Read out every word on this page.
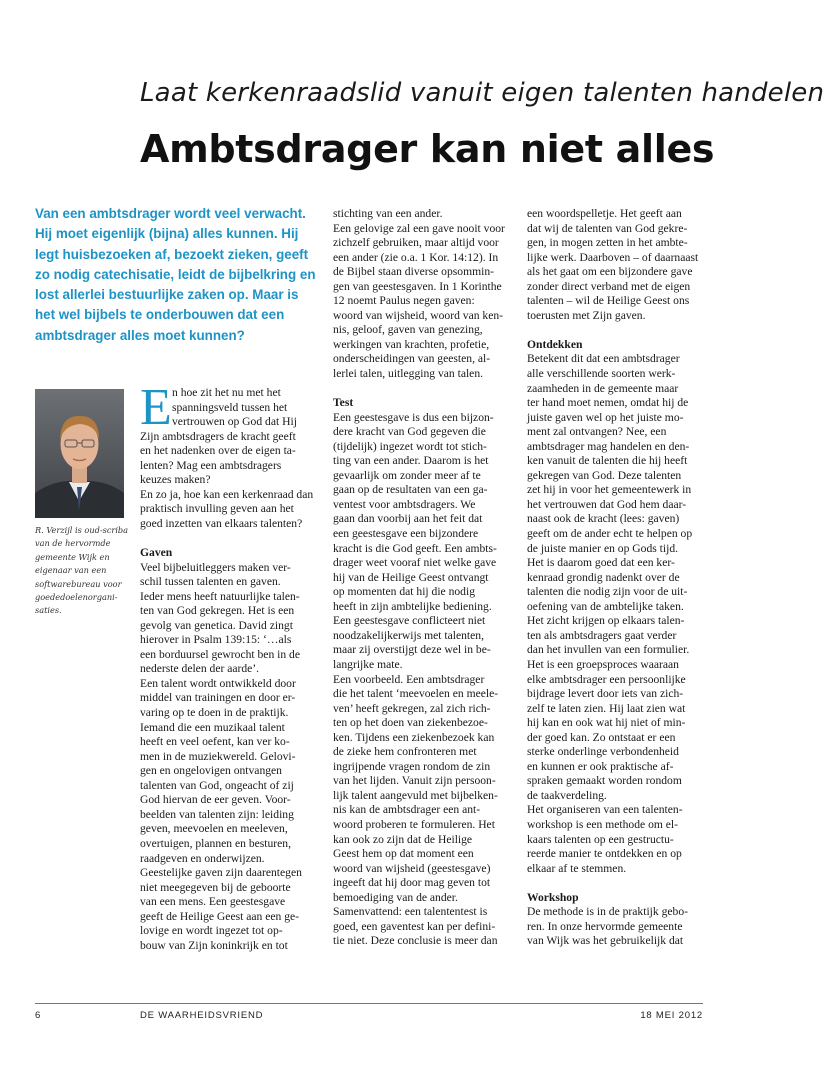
Laat kerkenraadslid vanuit eigen talenten handelen
Ambtsdrager kan niet alles
Van een ambtsdrager wordt veel verwacht.
Hij moet eigenlijk (bijna) alles kunnen. Hij
legt huisbezoeken af, bezoekt zieken, geeft
zo nodig catechisatie, leidt de bijbelkring en
lost allerlei bestuurlijke zaken op. Maar is
het wel bijbels te onderbouwen dat een
ambtsdrager alles moet kunnen?
R. Verzijl is oud-scriba
van de hervormde
gemeente Wijk en
eigenaar van een
softwarebureau voor
goededoelenorgani-
saties.
E n hoe zit het nu met het
spanningsveld tussen het
vertrouwen op God dat Hij
Zijn ambtsdragers de kracht geeft
en het nadenken over de eigen ta-
lenten? Mag een ambtsdragers
keuzes maken?
En zo ja, hoe kan een kerkenraad dan
praktisch invulling geven aan het
goed inzetten van elkaars talenten?
Gaven
Veel bijbeluitleggers maken ver-
schil tussen talenten en gaven.
Ieder mens heeft natuurlijke talen-
ten van God gekregen. Het is een
gevolg van genetica. David zingt
hierover in Psalm 139:15: ‘…als
een borduursel gewrocht ben in de
nederste delen der aarde’.
Een talent wordt ontwikkeld door
middel van trainingen en door er-
varing op te doen in de praktijk.
Iemand die een muzikaal talent
heeft en veel oefent, kan ver ko-
men in de muziekwereld. Gelovi-
gen en ongelovigen ontvangen
talenten van God, ongeacht of zij
God hiervan de eer geven. Voor-
beelden van talenten zijn: leiding
geven, meevoelen en meeleven,
overtuigen, plannen en besturen,
raadgeven en onderwijzen.
Geestelijke gaven zijn daarentegen
niet meegegeven bij de geboorte
van een mens. Een geestesgave
geeft de Heilige Geest aan een ge-
lovige en wordt ingezet tot op-
bouw van Zijn koninkrijk en tot
stichting van een ander.
Een gelovige zal een gave nooit voor
zichzelf gebruiken, maar altijd voor
een ander (zie o.a. 1 Kor. 14:12). In
de Bijbel staan diverse opsommin-
gen van geestesgaven. In 1 Korinthe
12 noemt Paulus negen gaven:
woord van wijsheid, woord van ken-
nis, geloof, gaven van genezing,
werkingen van krachten, profetie,
onderscheidingen van geesten, al-
lerlei talen, uitlegging van talen.
Test
Een geestesgave is dus een bijzon-
dere kracht van God gegeven die
(tijdelijk) ingezet wordt tot stich-
ting van een ander. Daarom is het
gevaarlijk om zonder meer af te
gaan op de resultaten van een ga-
ventest voor ambtsdragers. We
gaan dan voorbij aan het feit dat
een geestesgave een bijzondere
kracht is die God geeft. Een ambts-
drager weet vooraf niet welke gave
hij van de Heilige Geest ontvangt
op momenten dat hij die nodig
heeft in zijn ambtelijke bediening.
Een geestesgave conflicteert niet
noodzakelijkerwijs met talenten,
maar zij overstijgt deze wel in be-
langrijke mate.
Een voorbeeld. Een ambtsdrager
die het talent ‘meevoelen en meele-
ven’ heeft gekregen, zal zich rich-
ten op het doen van ziekenbezoe-
ken. Tijdens een ziekenbezoek kan
de zieke hem confronteren met
ingrijpende vragen rondom de zin
van het lijden. Vanuit zijn persoon-
lijk talent aangevuld met bijbelken-
nis kan de ambtsdrager een ant-
woord proberen te formuleren. Het
kan ook zo zijn dat de Heilige
Geest hem op dat moment een
woord van wijsheid (geestesgave)
ingeeft dat hij door mag geven tot
bemoediging van de ander.
Samenvattend: een talententest is
goed, een gaventest kan per defini-
tie niet. Deze conclusie is meer dan
een woordspelletje. Het geeft aan
dat wij de talenten van God gekre-
gen, in mogen zetten in het ambte-
lijke werk. Daarboven – of daarnaast
als het gaat om een bijzondere gave
zonder direct verband met de eigen
talenten – wil de Heilige Geest ons
toerusten met Zijn gaven.
Ontdekken
Betekent dit dat een ambtsdrager
alle verschillende soorten werk-
zaamheden in de gemeente maar
ter hand moet nemen, omdat hij de
juiste gaven wel op het juiste mo-
ment zal ontvangen? Nee, een
ambtsdrager mag handelen en den-
ken vanuit de talenten die hij heeft
gekregen van God. Deze talenten
zet hij in voor het gemeentewerk in
het vertrouwen dat God hem daar-
naast ook de kracht (lees: gaven)
geeft om de ander echt te helpen op
de juiste manier en op Gods tijd.
Het is daarom goed dat een ker-
kenraad grondig nadenkt over de
talenten die nodig zijn voor de uit-
oefening van de ambtelijke taken.
Het zicht krijgen op elkaars talen-
ten als ambtsdragers gaat verder
dan het invullen van een formulier.
Het is een groepsproces waaraan
elke ambtsdrager een persoonlijke
bijdrage levert door iets van zich-
zelf te laten zien. Hij laat zien wat
hij kan en ook wat hij niet of min-
der goed kan. Zo ontstaat er een
sterke onderlinge verbondenheid
en kunnen er ook praktische af-
spraken gemaakt worden rondom
de taakverdeling.
Het organiseren van een talenten-
workshop is een methode om el-
kaars talenten op een gestructu-
reerde manier te ontdekken en op
elkaar af te stemmen.
Workshop
De methode is in de praktijk gebo-
ren. In onze hervormde gemeente
van Wijk was het gebruikelijk dat
6	DE WAARHEIDSVRIEND	18 MEI 2012
